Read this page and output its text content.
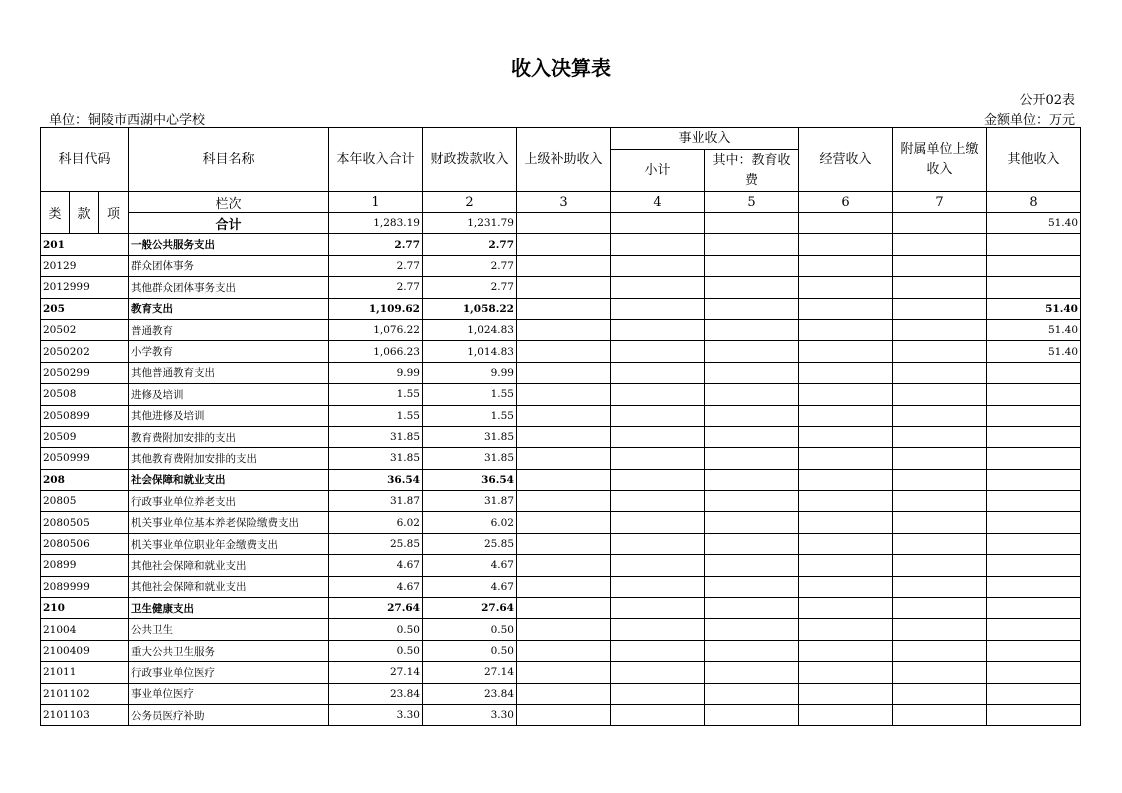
收入决算表
公开02表
单位：铜陵市西湖中心学校	金额单位：万元
科目代码			科目名称	本年收入合计	财政拨款收入	上级补助收入	事业收入		经营收入	附属单位上缴收入	其他收入
							小计	其中：教育收费			
类	款	项	栏次	1	2	3	4	5	6	7	8
			合计	1,283.19	1,231.79						51.40
201			一般公共服务支出	2.77	2.77						
20129			群众团体事务	2.77	2.77						
2012999			其他群众团体事务支出	2.77	2.77						
205			教育支出	1,109.62	1,058.22						51.40
20502			普通教育	1,076.22	1,024.83						51.40
2050202			小学教育	1,066.23	1,014.83						51.40
2050299			其他普通教育支出	9.99	9.99						
20508			进修及培训	1.55	1.55						
2050899			其他进修及培训	1.55	1.55						
20509			教育费附加安排的支出	31.85	31.85						
2050999			其他教育费附加安排的支出	31.85	31.85						
208			社会保障和就业支出	36.54	36.54						
20805			行政事业单位养老支出	31.87	31.87						
2080505			机关事业单位基本养老保险缴费支出	6.02	6.02						
2080506			机关事业单位职业年金缴费支出	25.85	25.85						
20899			其他社会保障和就业支出	4.67	4.67						
2089999			其他社会保障和就业支出	4.67	4.67						
210			卫生健康支出	27.64	27.64						
21004			公共卫生	0.50	0.50						
2100409			重大公共卫生服务	0.50	0.50						
21011			行政事业单位医疗	27.14	27.14						
2101102			事业单位医疗	23.84	23.84						
2101103			公务员医疗补助	3.30	3.30						
